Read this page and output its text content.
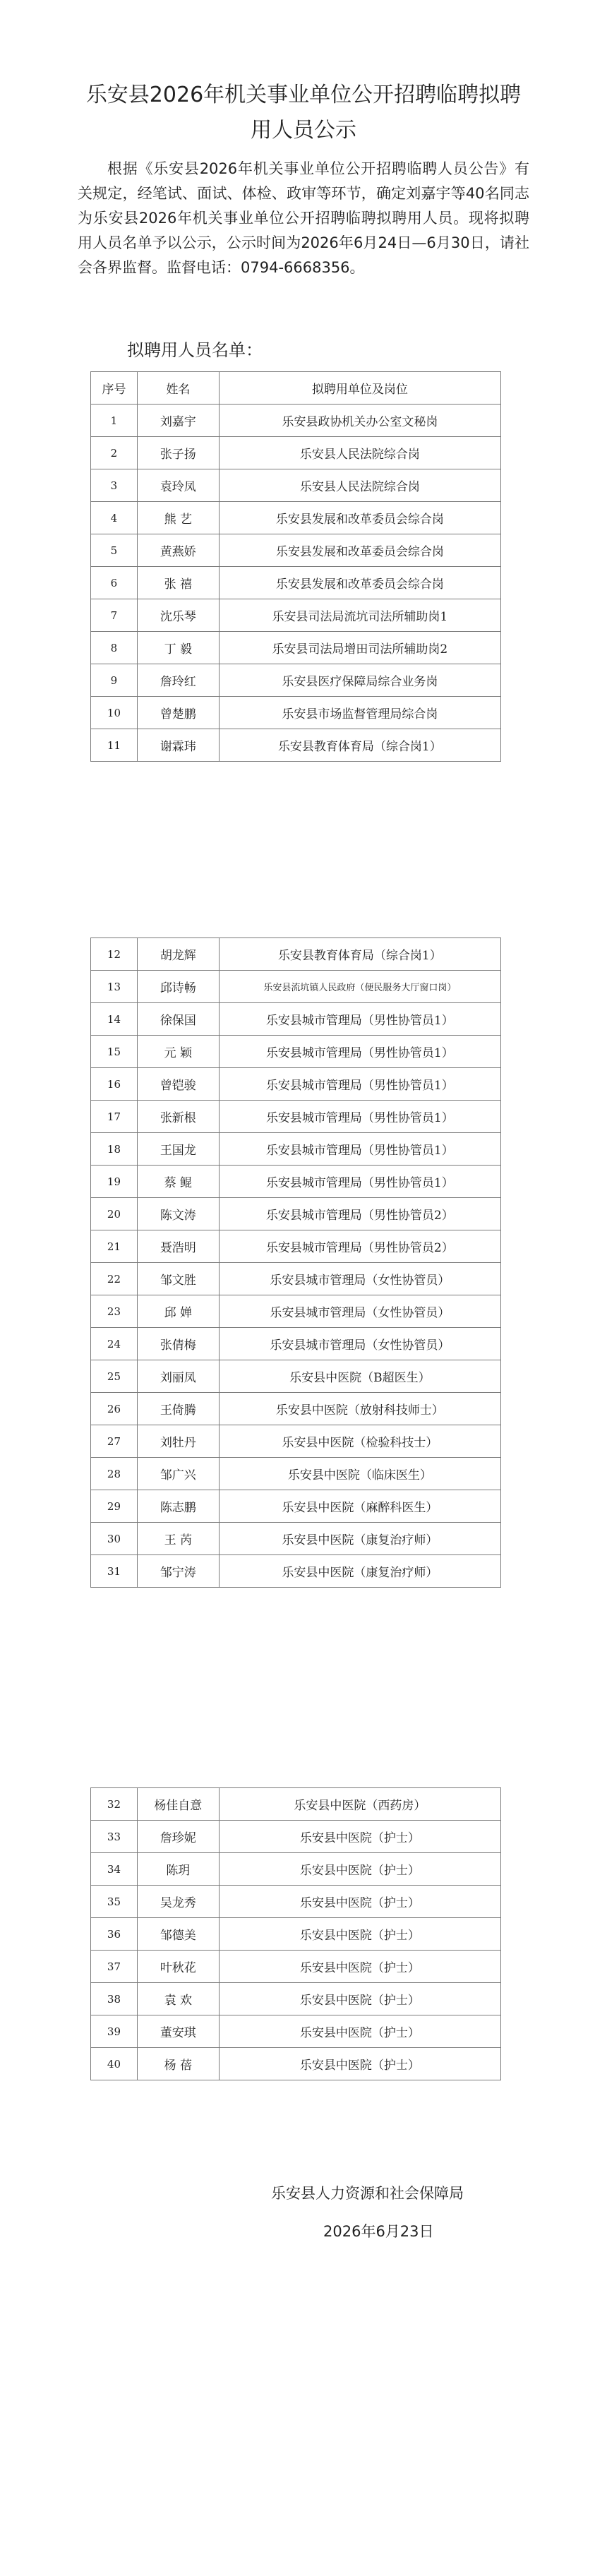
乐安县2026年机关事业单位公开招聘临聘拟聘用人员公示

根据《乐安县2026年机关事业单位公开招聘临聘人员公告》有关规定，经笔试、面试、体检、政审等环节，确定刘嘉宇等40名同志为乐安县2026年机关事业单位公开招聘临聘拟聘用人员。现将拟聘用人员名单予以公示，公示时间为2026年6月24日—6月30日，请社会各界监督。监督电话：0794-6668356。

拟聘用人员名单：
序号	姓名	拟聘用单位及岗位
1	刘嘉宇	乐安县政协机关办公室文秘岗
2	张子扬	乐安县人民法院综合岗
3	袁玲凤	乐安县人民法院综合岗
4	熊 艺	乐安县发展和改革委员会综合岗
5	黄燕娇	乐安县发展和改革委员会综合岗
6	张 禧	乐安县发展和改革委员会综合岗
7	沈乐琴	乐安县司法局流坑司法所辅助岗1
8	丁 毅	乐安县司法局增田司法所辅助岗2
9	詹玲红	乐安县医疗保障局综合业务岗
10	曾楚鹏	乐安县市场监督管理局综合岗
11	谢霖玮	乐安县教育体育局（综合岗1）
12	胡龙辉	乐安县教育体育局（综合岗1）
13	邱诗畅	乐安县流坑镇人民政府（便民服务大厅窗口岗）
14	徐保国	乐安县城市管理局（男性协管员1）
15	元 颖	乐安县城市管理局（男性协管员1）
16	曾铠骏	乐安县城市管理局（男性协管员1）
17	张新根	乐安县城市管理局（男性协管员1）
18	王国龙	乐安县城市管理局（男性协管员1）
19	蔡 鲲	乐安县城市管理局（男性协管员1）
20	陈文涛	乐安县城市管理局（男性协管员2）
21	聂浩明	乐安县城市管理局（男性协管员2）
22	邹文胜	乐安县城市管理局（女性协管员）
23	邱 婵	乐安县城市管理局（女性协管员）
24	张倩梅	乐安县城市管理局（女性协管员）
25	刘丽凤	乐安县中医院（B超医生）
26	王倚腾	乐安县中医院（放射科技师士）
27	刘牡丹	乐安县中医院（检验科技士）
28	邹广兴	乐安县中医院（临床医生）
29	陈志鹏	乐安县中医院（麻醉科医生）
30	王 芮	乐安县中医院（康复治疗师）
31	邹宁涛	乐安县中医院（康复治疗师）
32	杨佳自意	乐安县中医院（西药房）
33	詹珍妮	乐安县中医院（护士）
34	陈玥	乐安县中医院（护士）
35	吴龙秀	乐安县中医院（护士）
36	邹德美	乐安县中医院（护士）
37	叶秋花	乐安县中医院（护士）
38	袁 欢	乐安县中医院（护士）
39	董安琪	乐安县中医院（护士）
40	杨 蓓	乐安县中医院（护士）

乐安县人力资源和社会保障局

2026年6月23日
